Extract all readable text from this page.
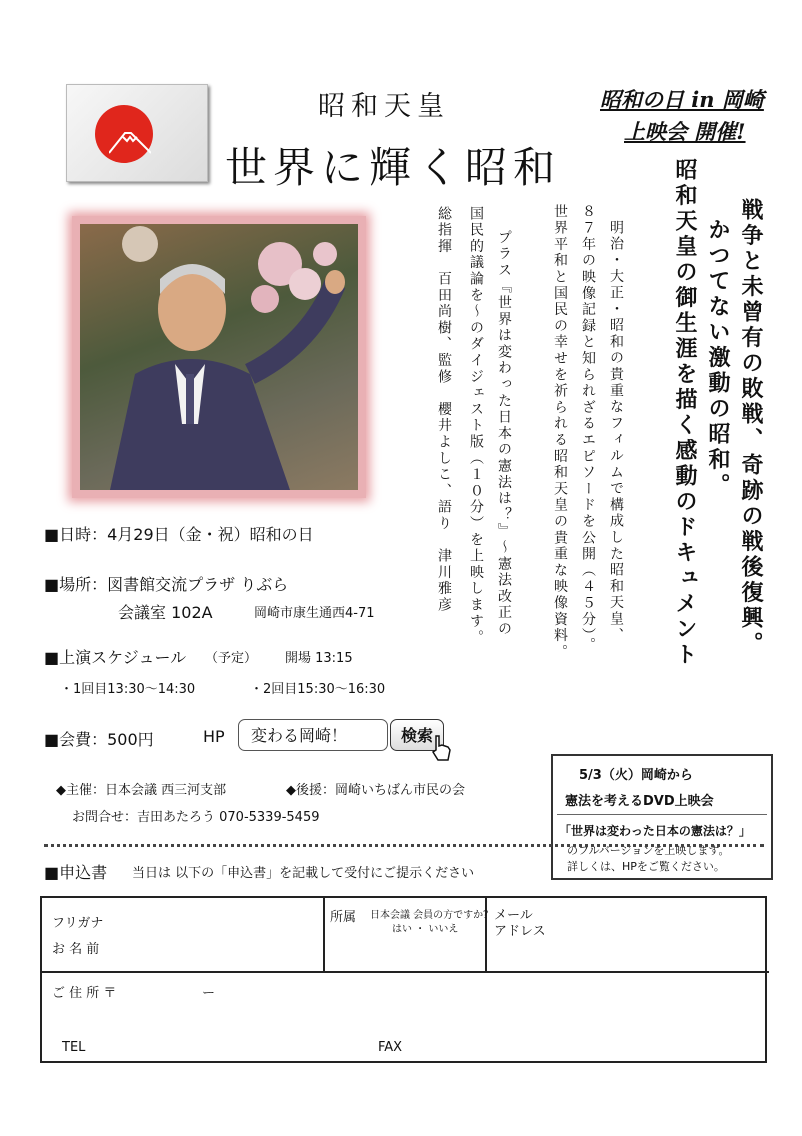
昭和天皇
世界に輝く昭和
昭和の日 in 岡崎
上映会 開催!
戦争と未曾有の敗戦、奇跡の戦後復興。
かつてない激動の昭和。
昭和天皇の御生涯を描く感動のドキュメント
明治・大正・昭和の貴重なフィルムで構成した昭和天皇、
８７年の映像記録と知られざるエピソードを公開（４５分）。
世界平和と国民の幸せを祈られる昭和天皇の貴重な映像資料。
プラス『世界は変わった日本の憲法は？』〜憲法改正の
国民的議論を〜のダイジェスト版（１０分）を上映します。
総指揮　百田尚樹、監修　櫻井よしこ、語り　津川雅彦
■日時：4月29日（金・祝）昭和の日
■場所：図書館交流プラザ りぶら
会議室 102A	岡崎市康生通西4-71
■上演スケジュール （予定） 開場 13:15
・1回目13:30〜14:30	・2回目15:30〜16:30
■会費：500円	HP	変わる岡崎！	検索
◆主催：日本会議 西三河支部	◆後援：岡崎いちばん市民の会
お問合せ：吉田あたろう 070-5339-5459
5/3（火）岡崎から
憲法を考えるDVD上映会
「世界は変わった日本の憲法は？」
のフルバージョンを上映します。
詳しくは、HPをご覧ください。
■申込書 当日は 以下の「申込書」を記載して受付にご提示ください
フリガナ
お 名 前
所属 日本会議 会員の方ですか？
はい ・ いいえ
メール
アドレス
ご 住 所 〒	ー
TEL	FAX
